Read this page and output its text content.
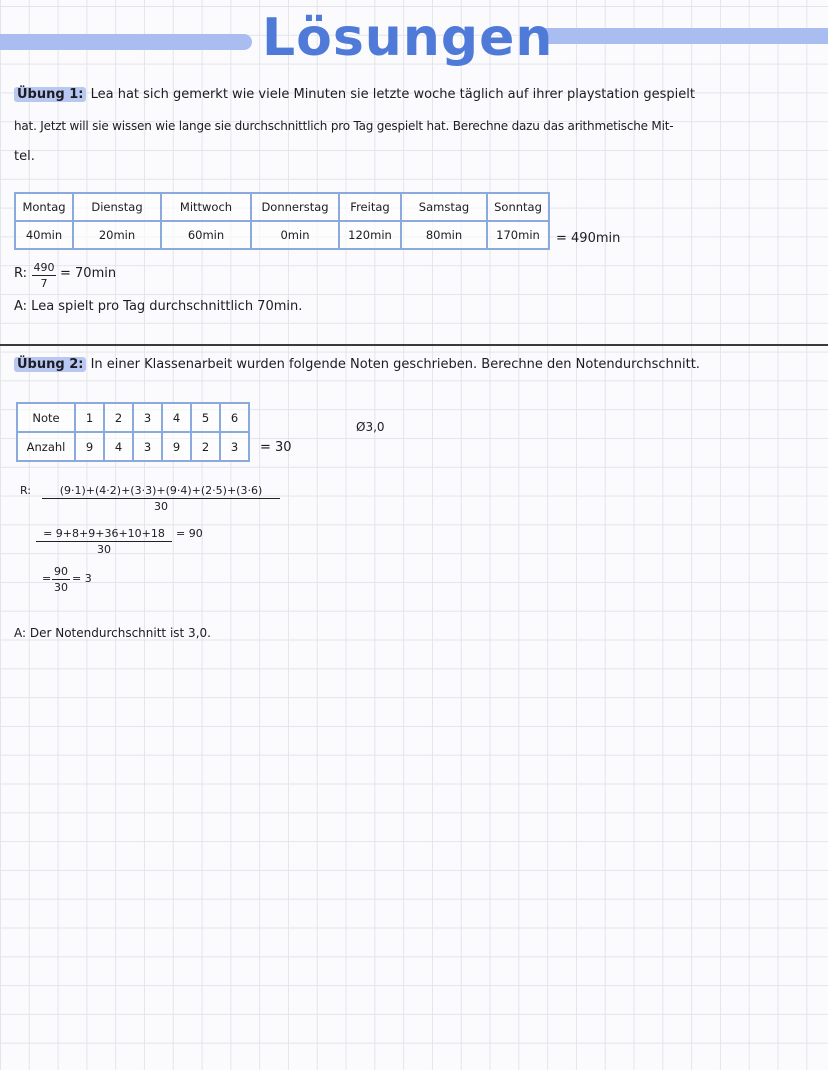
Lösungen
Übung 1: Lea hat sich gemerkt wie viele Minuten sie letzte woche täglich auf ihrer playstation gespielt
hat. Jetzt will sie wissen wie lange sie durchschnittlich pro Tag gespielt hat. Berechne dazu das arithmetische Mit-
tel.
Montag	Dienstag	Mittwoch	Donnerstag	Freitag	Samstag	Sonntag
40min	20min	60min	0min	120min	80min	170min = 490min
R: 490
7
= 70min
A: Lea spielt pro Tag durchschnittlich 70min.
Übung 2: In einer Klassenarbeit wurden folgende Noten geschrieben. Berechne den Notendurchschnitt.
Note	1	2	3	4	5	6
Anzahl	9	4	3	9	2	3 = 30
Ø3,0
R:	(9·1)+(4·2)+(3·3)+(9·4)+(2·5)+(3·6)
30
= 9+8+9+36+10+18
30
= 90
=
90
30
= 3
A: Der Notendurchschnitt ist 3,0.
